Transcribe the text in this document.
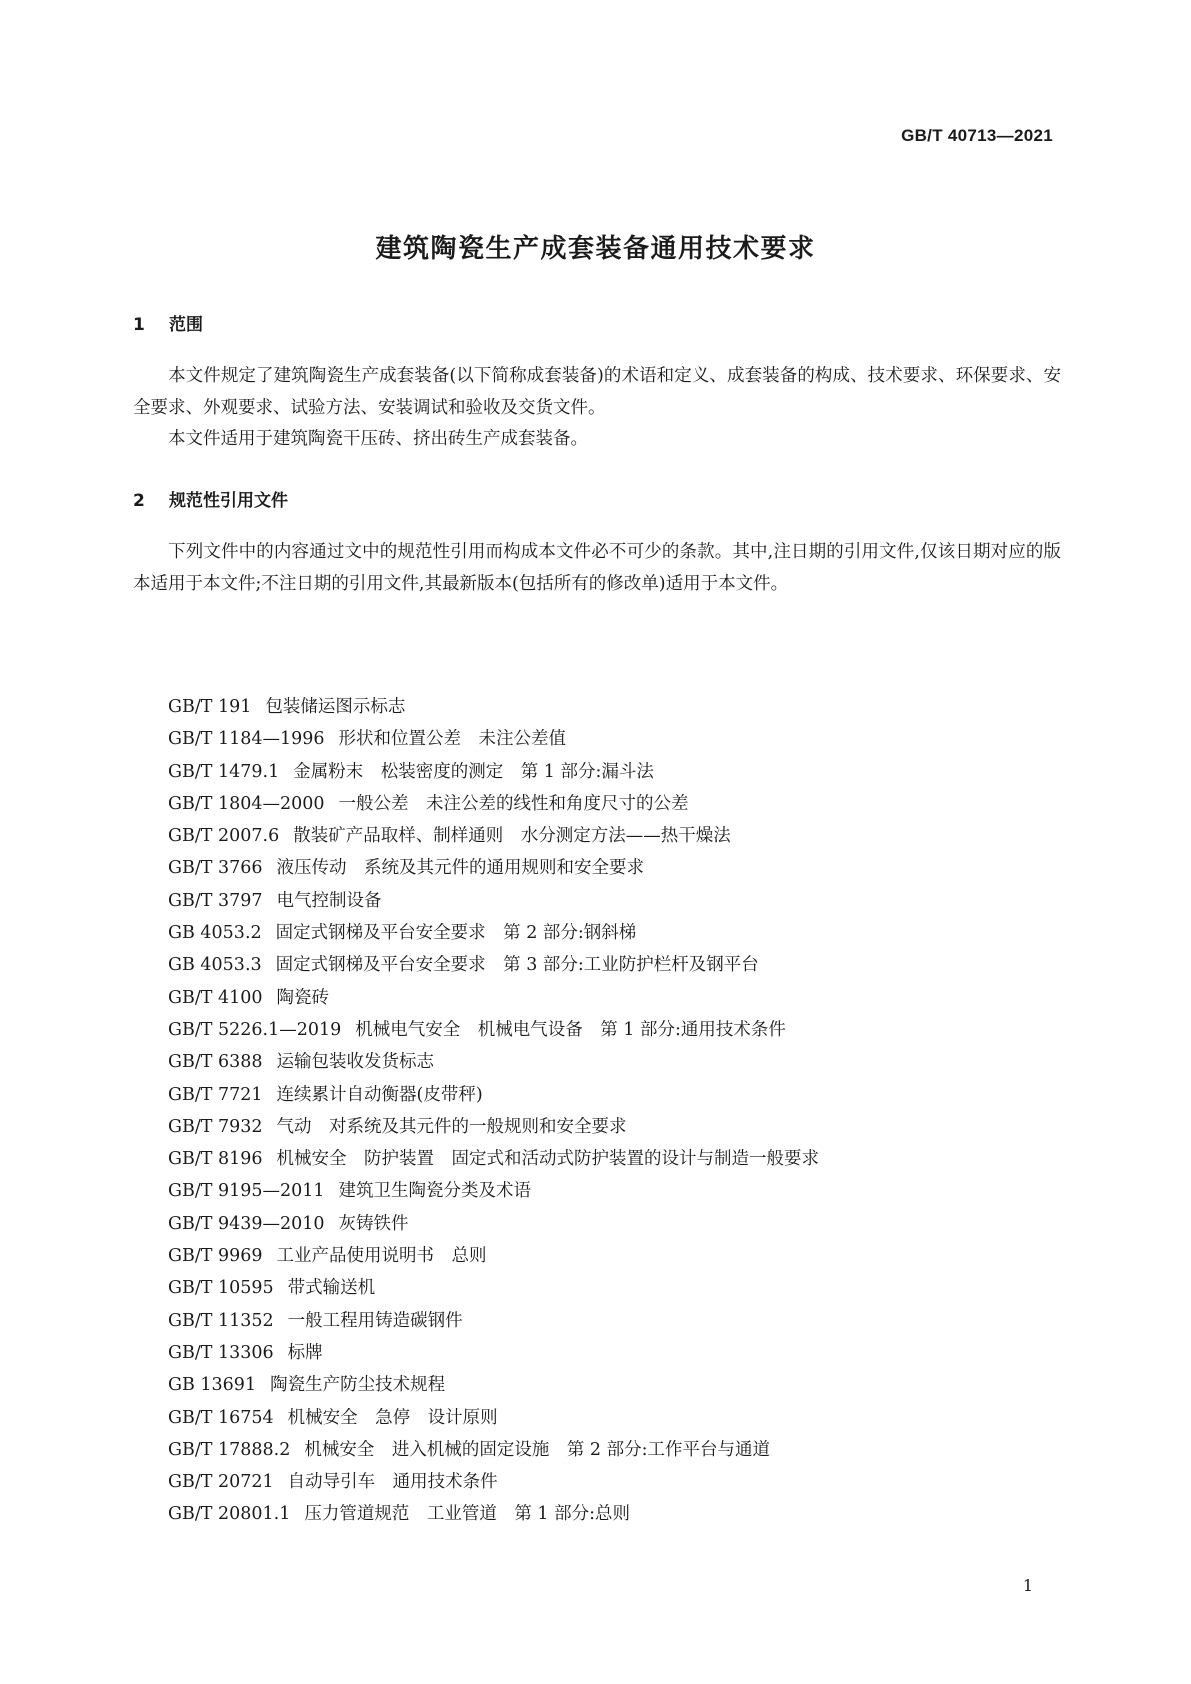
GB/T 40713—2021
建筑陶瓷生产成套装备通用技术要求
1 范围

本文件规定了建筑陶瓷生产成套装备(以下简称成套装备)的术语和定义、成套装备的构成、技术要求、环保要求、安全要求、外观要求、试验方法、安装调试和验收及交货文件。

本文件适用于建筑陶瓷干压砖、挤出砖生产成套装备。

2 规范性引用文件

下列文件中的内容通过文中的规范性引用而构成本文件必不可少的条款。其中,注日期的引用文件,仅该日期对应的版本适用于本文件;不注日期的引用文件,其最新版本(包括所有的修改单)适用于本文件。

GB/T 191 包装储运图示标志
GB/T 1184—1996 形状和位置公差　未注公差值
GB/T 1479.1 金属粉末　松装密度的测定　第 1 部分:漏斗法
GB/T 1804—2000 一般公差　未注公差的线性和角度尺寸的公差
GB/T 2007.6 散装矿产品取样、制样通则　水分测定方法——热干燥法
GB/T 3766 液压传动　系统及其元件的通用规则和安全要求
GB/T 3797 电气控制设备
GB 4053.2 固定式钢梯及平台安全要求　第 2 部分:钢斜梯
GB 4053.3 固定式钢梯及平台安全要求　第 3 部分:工业防护栏杆及钢平台
GB/T 4100 陶瓷砖
GB/T 5226.1—2019 机械电气安全　机械电气设备　第 1 部分:通用技术条件
GB/T 6388 运输包装收发货标志
GB/T 7721 连续累计自动衡器(皮带秤)
GB/T 7932 气动　对系统及其元件的一般规则和安全要求
GB/T 8196 机械安全　防护装置　固定式和活动式防护装置的设计与制造一般要求
GB/T 9195—2011 建筑卫生陶瓷分类及术语
GB/T 9439—2010 灰铸铁件
GB/T 9969 工业产品使用说明书　总则
GB/T 10595 带式输送机
GB/T 11352 一般工程用铸造碳钢件
GB/T 13306 标牌
GB 13691 陶瓷生产防尘技术规程
GB/T 16754 机械安全　急停　设计原则
GB/T 17888.2 机械安全　进入机械的固定设施　第 2 部分:工作平台与通道
GB/T 20721 自动导引车　通用技术条件
GB/T 20801.1 压力管道规范　工业管道　第 1 部分:总则
1
